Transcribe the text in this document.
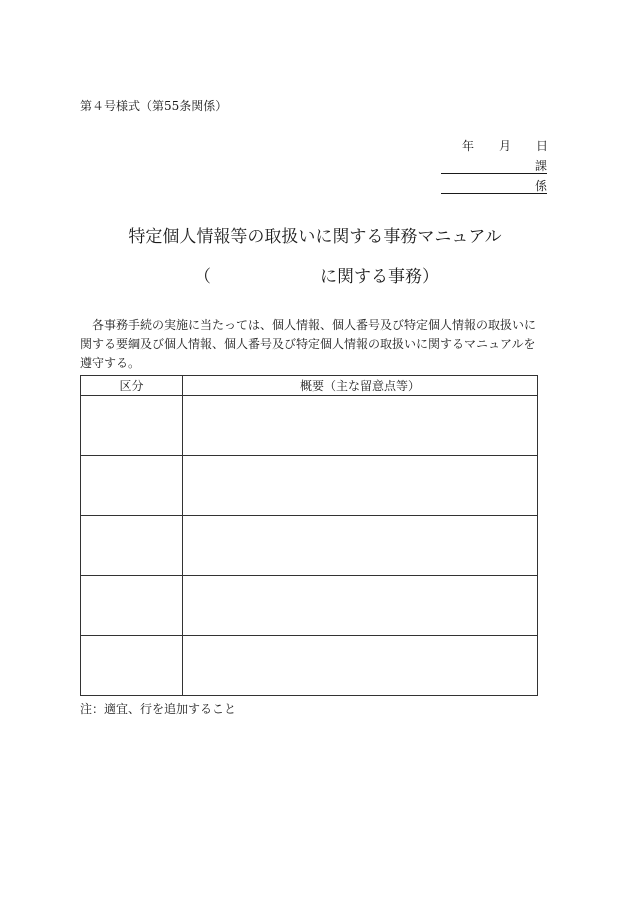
第４号様式（第55条関係）
年 月 日
課
係
特定個人情報等の取扱いに関する事務マニュアル
（	に関する事務）
各事務手続の実施に当たっては、個人情報、個人番号及び特定個人情報の取扱いに関する要綱及び個人情報、個人番号及び特定個人情報の取扱いに関するマニュアルを遵守する。
区分	概要（主な留意点等）

注：適宜、行を追加すること
